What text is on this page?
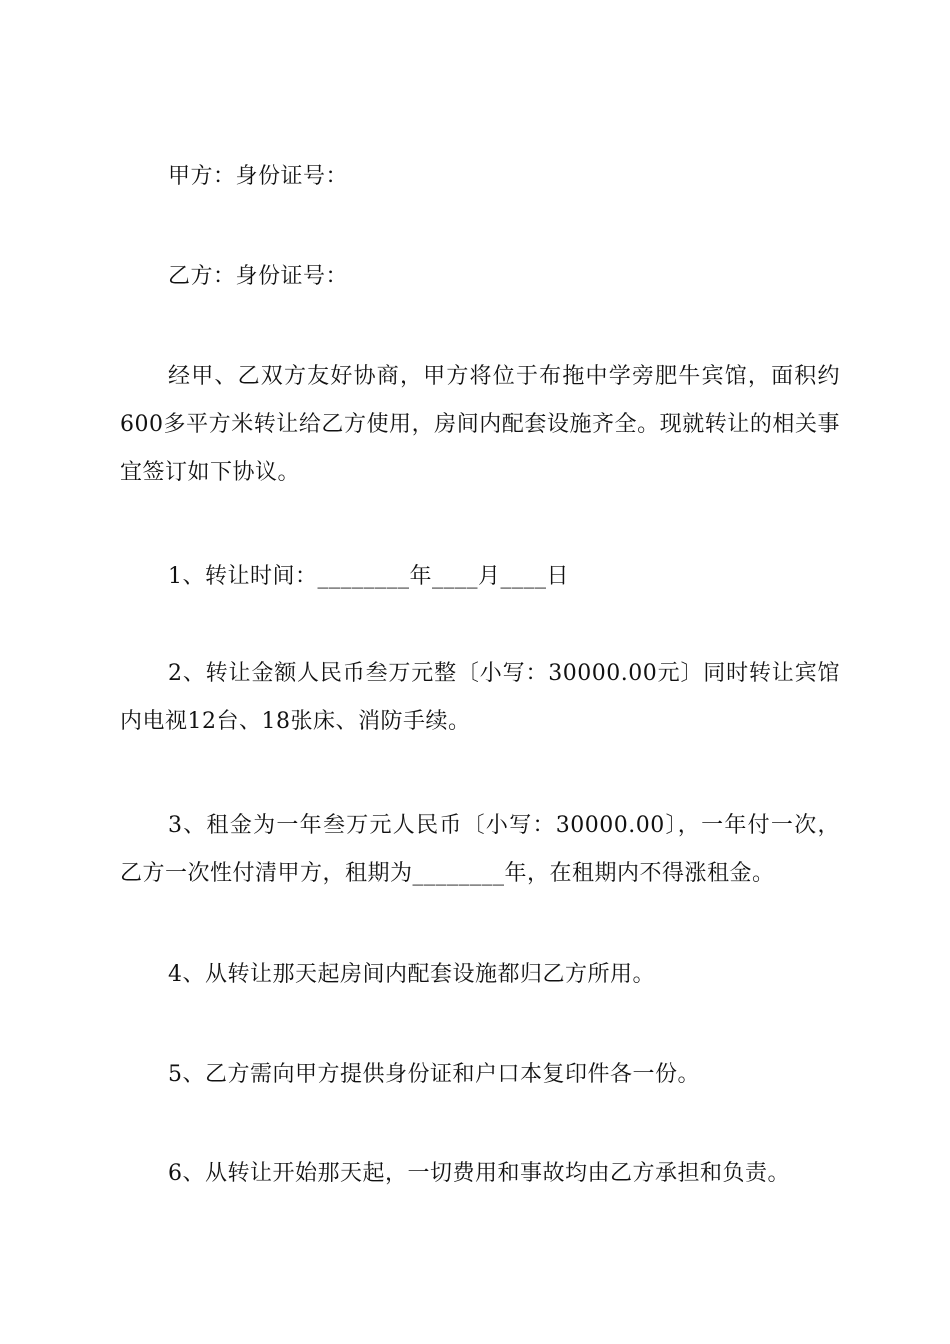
甲方：身份证号：
乙方：身份证号：
经甲、乙双方友好协商，甲方将位于布拖中学旁肥牛宾馆，面积约600多平方米转让给乙方使用，房间内配套设施齐全。现就转让的相关事宜签订如下协议。
1、转让时间：________年____月____日
2、转让金额人民币叁万元整〔小写：30000.00元〕同时转让宾馆内电视12台、18张床、消防手续。
3、租金为一年叁万元人民币〔小写：30000.00〕，一年付一次，乙方一次性付清甲方，租期为________年，在租期内不得涨租金。
4、从转让那天起房间内配套设施都归乙方所用。
5、乙方需向甲方提供身份证和户口本复印件各一份。
6、从转让开始那天起，一切费用和事故均由乙方承担和负责。
